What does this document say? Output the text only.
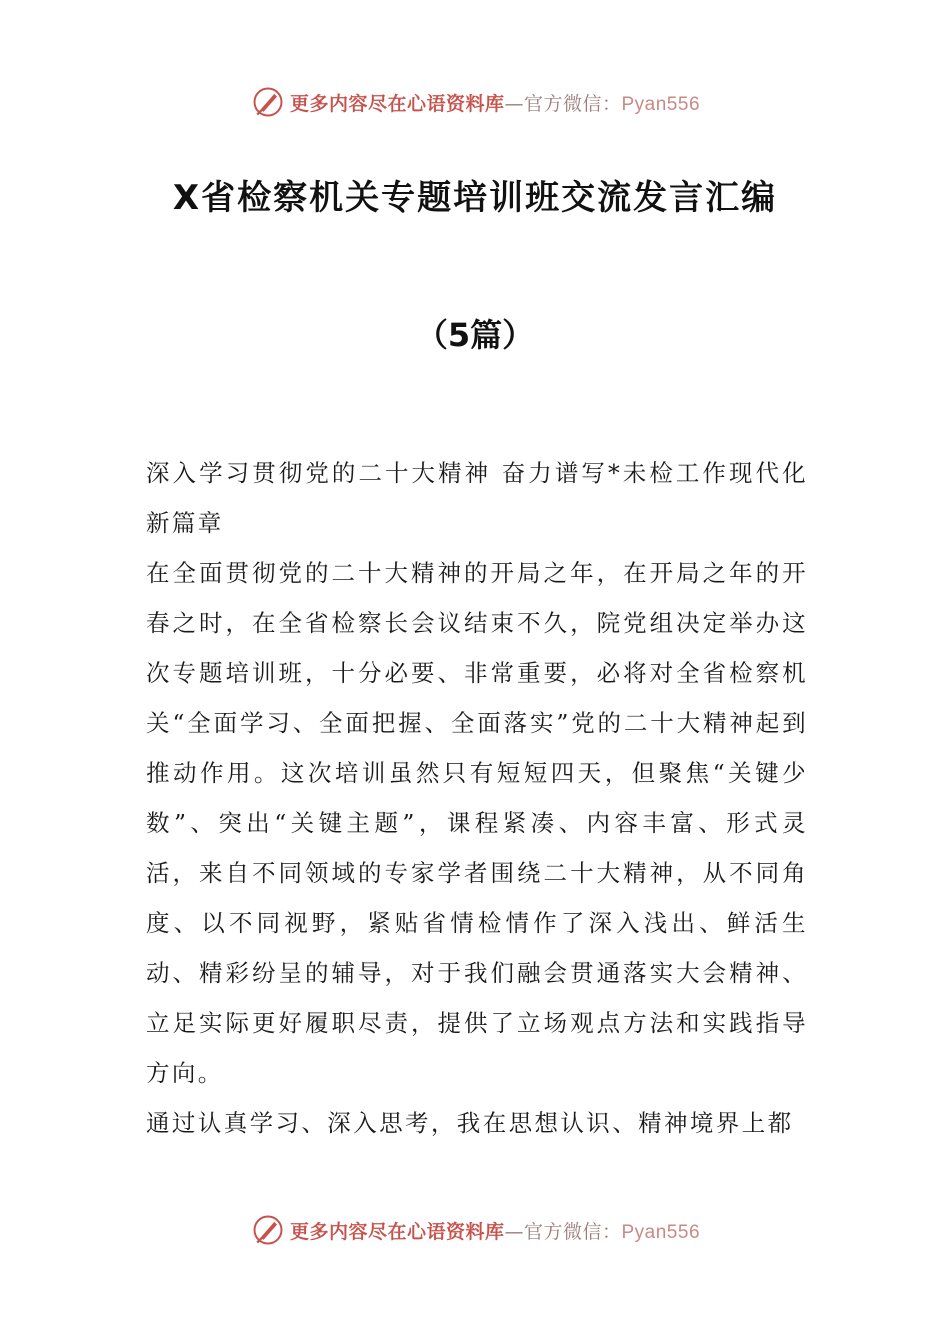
更多内容尽在心语资料库—官方微信：Pyan556
X省检察机关专题培训班交流发言汇编
（5篇）

深入学习贯彻党的二十大精神 奋力谱写*未检工作现代化新篇章

在全面贯彻党的二十大精神的开局之年，在开局之年的开春之时，在全省检察长会议结束不久，院党组决定举办这次专题培训班，十分必要、非常重要，必将对全省检察机关“全面学习、全面把握、全面落实”党的二十大精神起到推动作用。这次培训虽然只有短短四天，但聚焦“关键少数”、突出“关键主题”，课程紧凑、内容丰富、形式灵活，来自不同领域的专家学者围绕二十大精神，从不同角度、以不同视野，紧贴省情检情作了深入浅出、鲜活生动、精彩纷呈的辅导，对于我们融会贯通落实大会精神、立足实际更好履职尽责，提供了立场观点方法和实践指导方向。

通过认真学习、深入思考，我在思想认识、精神境界上都

更多内容尽在心语资料库—官方微信：Pyan556
